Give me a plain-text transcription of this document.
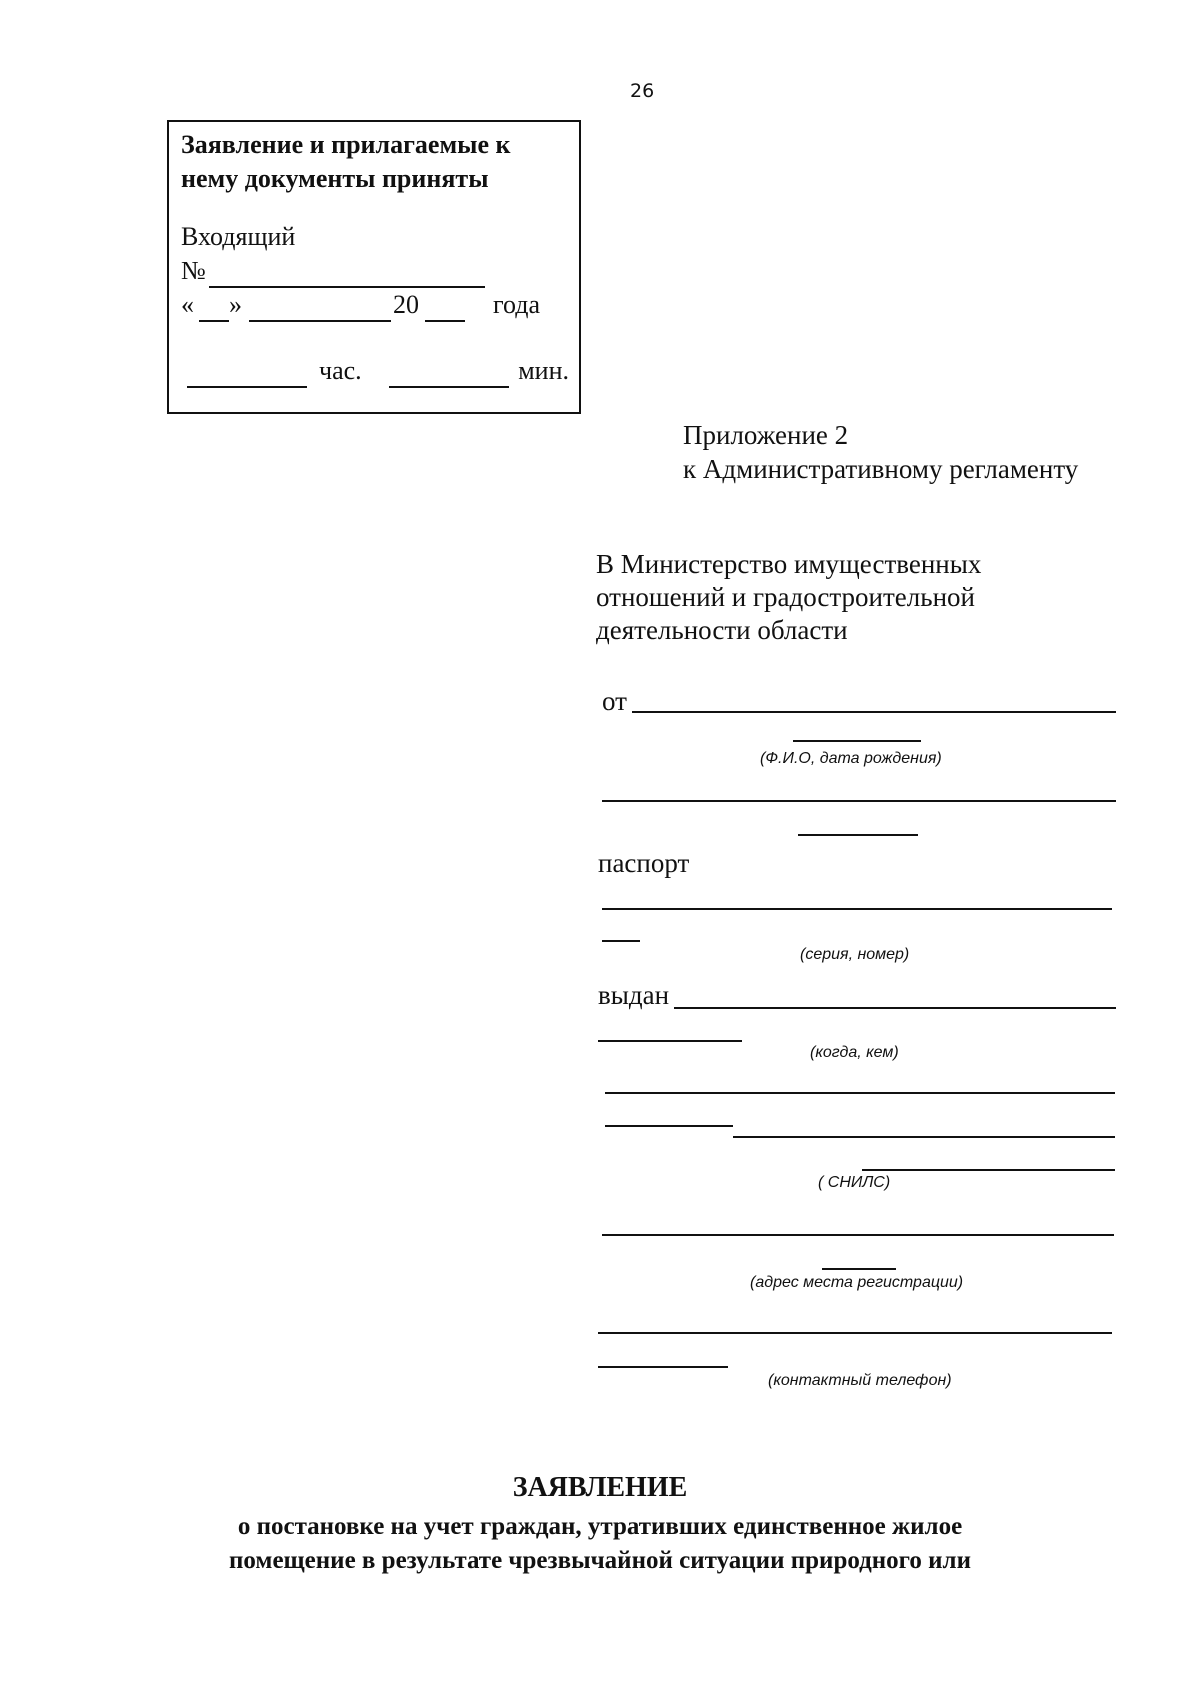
26
Заявление и прилагаемые к нему документы приняты
Входящий
№
« »	20	года
час.	мин.
Приложение 2
к Административному регламенту
В Министерство имущественных
отношений и градостроительной
деятельности области
от
(Ф.И.О, дата рождения)
паспорт
(серия, номер)
выдан
(когда, кем)
( СНИЛС)
(адрес места регистрации)
(контактный телефон)
ЗАЯВЛЕНИЕ
о постановке на учет граждан, утративших единственное жилое
помещение в результате чрезвычайной ситуации природного или
